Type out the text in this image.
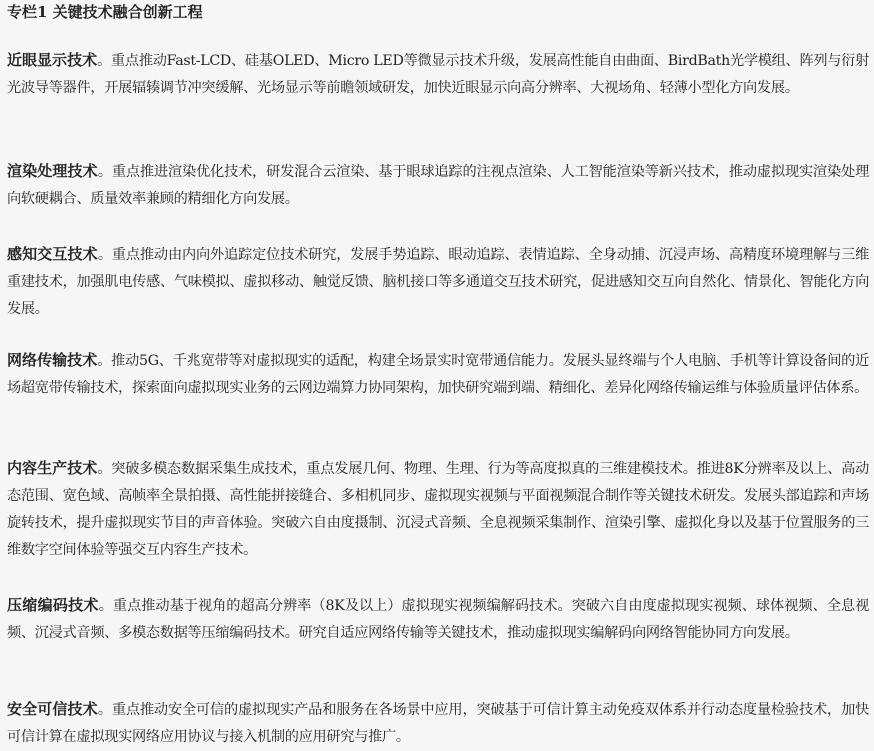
专栏1 关键技术融合创新工程

近眼显示技术。重点推动Fast-LCD、硅基OLED、Micro LED等微显示技术升级，发展高性能自由曲面、BirdBath光学模组、阵列与衍射光波导等器件，开展辐辏调节冲突缓解、光场显示等前瞻领域研发，加快近眼显示向高分辨率、大视场角、轻薄小型化方向发展。

渲染处理技术。重点推进渲染优化技术，研发混合云渲染、基于眼球追踪的注视点渲染、人工智能渲染等新兴技术，推动虚拟现实渲染处理向软硬耦合、质量效率兼顾的精细化方向发展。

感知交互技术。重点推动由内向外追踪定位技术研究，发展手势追踪、眼动追踪、表情追踪、全身动捕、沉浸声场、高精度环境理解与三维重建技术，加强肌电传感、气味模拟、虚拟移动、触觉反馈、脑机接口等多通道交互技术研究，促进感知交互向自然化、情景化、智能化方向发展。

网络传输技术。推动5G、千兆宽带等对虚拟现实的适配，构建全场景实时宽带通信能力。发展头显终端与个人电脑、手机等计算设备间的近场超宽带传输技术，探索面向虚拟现实业务的云网边端算力协同架构，加快研究端到端、精细化、差异化网络传输运维与体验质量评估体系。

内容生产技术。突破多模态数据采集生成技术，重点发展几何、物理、生理、行为等高度拟真的三维建模技术。推进8K分辨率及以上、高动态范围、宽色域、高帧率全景拍摄、高性能拼接缝合、多相机同步、虚拟现实视频与平面视频混合制作等关键技术研发。发展头部追踪和声场旋转技术，提升虚拟现实节目的声音体验。突破六自由度摄制、沉浸式音频、全息视频采集制作、渲染引擎、虚拟化身以及基于位置服务的三维数字空间体验等强交互内容生产技术。

压缩编码技术。重点推动基于视角的超高分辨率（8K及以上）虚拟现实视频编解码技术。突破六自由度虚拟现实视频、球体视频、全息视频、沉浸式音频、多模态数据等压缩编码技术。研究自适应网络传输等关键技术，推动虚拟现实编解码向网络智能协同方向发展。

安全可信技术。重点推动安全可信的虚拟现实产品和服务在各场景中应用，突破基于可信计算主动免疫双体系并行动态度量检验技术，加快可信计算在虚拟现实网络应用协议与接入机制的应用研究与推广。
